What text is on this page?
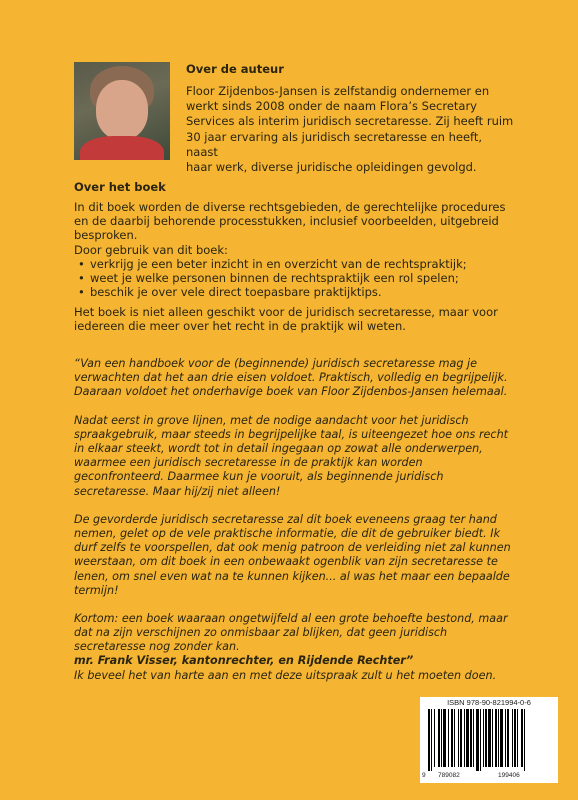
Over de auteur
Floor Zijdenbos-Jansen is zelfstandig ondernemer en
werkt sinds 2008 onder de naam Flora’s Secretary
Services als interim juridisch secretaresse. Zij heeft ruim
30 jaar ervaring als juridisch secretaresse en heeft, naast
haar werk, diverse juridische opleidingen gevolgd.
Over het boek

In dit boek worden de diverse rechtsgebieden, de gerechtelijke procedures en de daarbij behorende processtukken, inclusief voorbeelden, uitgebreid besproken.

Door gebruik van dit boek:

• verkrijg je een beter inzicht in en overzicht van de rechtspraktijk;
• weet je welke personen binnen de rechtspraktijk een rol spelen;
• beschik je over vele direct toepasbare praktijktips.

Het boek is niet alleen geschikt voor de juridisch secretaresse, maar voor iedereen die meer over het recht in de praktijk wil weten.

“Van een handboek voor de (beginnende) juridisch secretaresse mag je verwachten dat het aan drie eisen voldoet. Praktisch, volledig en begrijpelijk. Daaraan voldoet het onderhavige boek van Floor Zijdenbos-Jansen helemaal.

Nadat eerst in grove lijnen, met de nodige aandacht voor het juridisch spraakgebruik, maar steeds in begrijpelijke taal, is uiteengezet hoe ons recht in elkaar steekt, wordt tot in detail ingegaan op zowat alle onderwerpen, waarmee een juridisch secretaresse in de praktijk kan worden geconfronteerd. Daarmee kun je vooruit, als beginnende juridisch secretaresse. Maar hij/zij niet alleen!

De gevorderde juridisch secretaresse zal dit boek eveneens graag ter hand nemen, gelet op de vele praktische informatie, die dit de gebruiker biedt. Ik durf zelfs te voorspellen, dat ook menig patroon de verleiding niet zal kunnen weerstaan, om dit boek in een onbewaakt ogenblik van zijn secretaresse te lenen, om snel even wat na te kunnen kijken... al was het maar een bepaalde termijn!

Kortom: een boek waaraan ongetwijfeld al een grote behoefte bestond, maar dat na zijn verschijnen zo onmisbaar zal blijken, dat geen juridisch secretaresse nog zonder kan.

Ik beveel het van harte aan en met deze uitspraak zult u het moeten doen.

mr. Frank Visser, kantonrechter, en Rijdende Rechter”
ISBN 978-90-821994-0-6
9 789082	199406
